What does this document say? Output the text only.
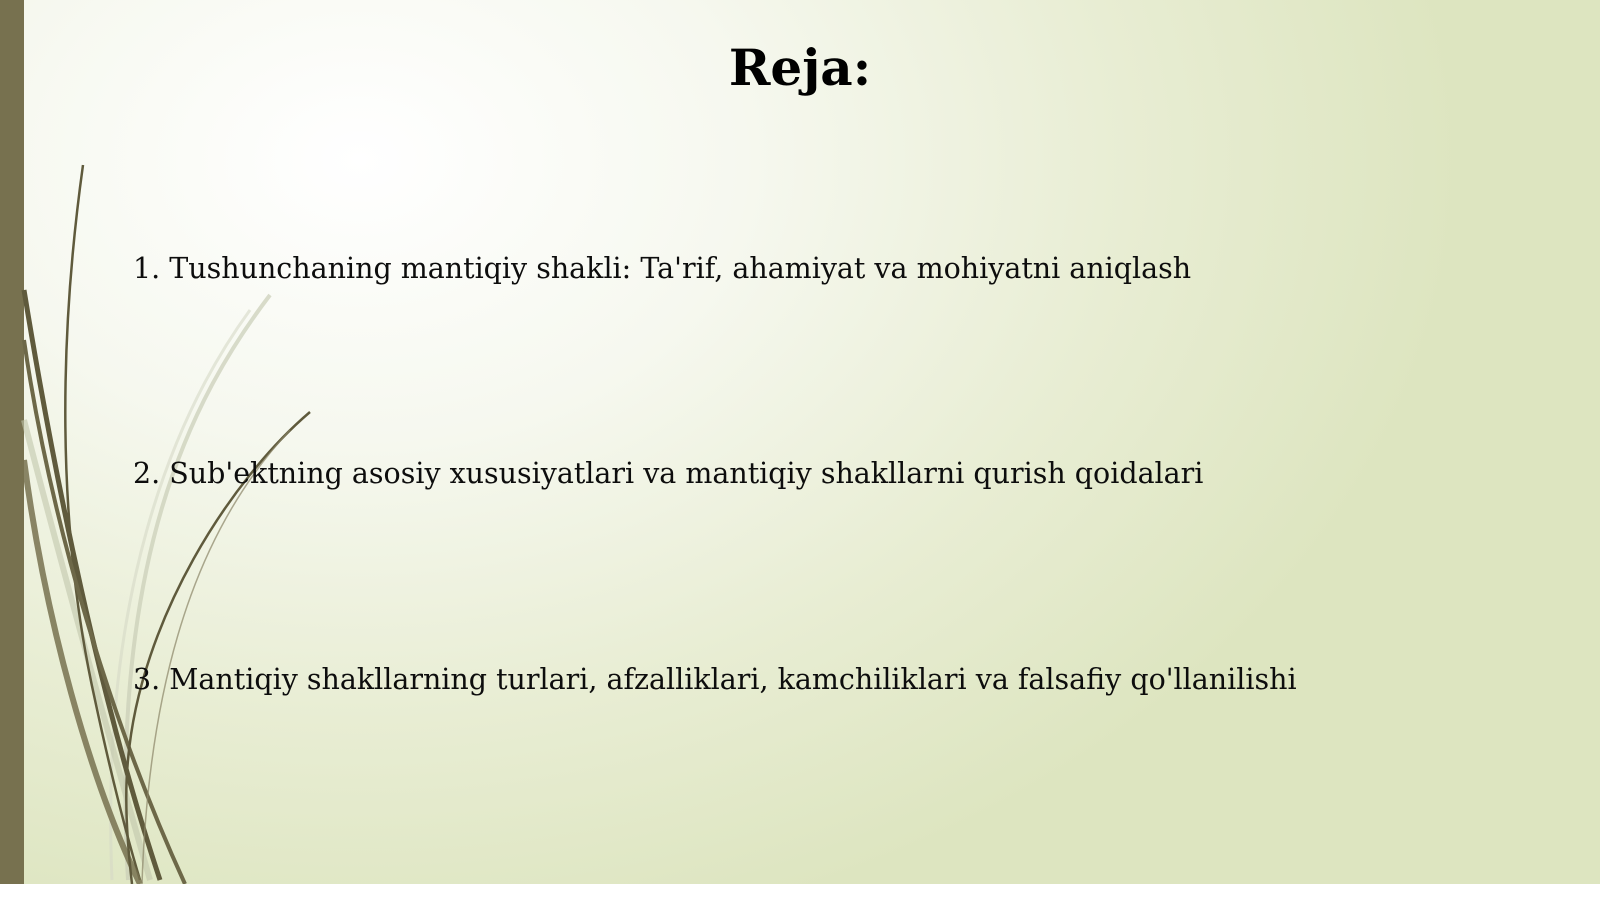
Reja:
1. Tushunchaning mantiqiy shakli: Ta'rif, ahamiyat va mohiyatni aniqlash
2. Sub'ektning asosiy xususiyatlari va mantiqiy shakllarni qurish qoidalari
3. Mantiqiy shakllarning turlari, afzalliklari, kamchiliklari va falsafiy qo'llanilishi
